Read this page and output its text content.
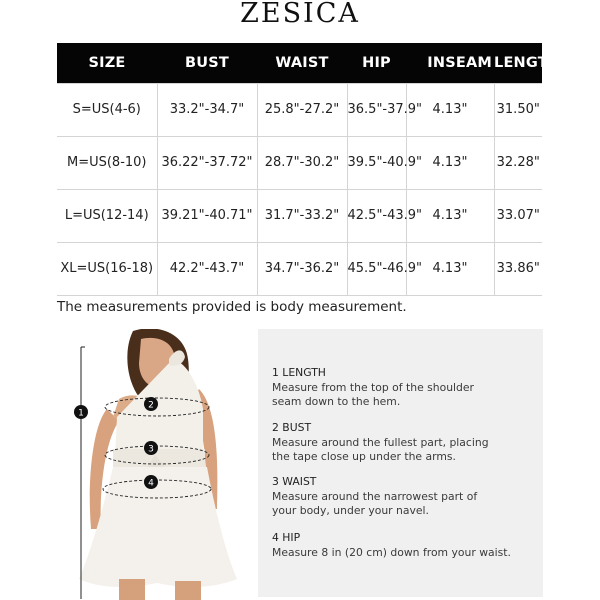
ZESICA
SIZE	BUST	WAIST	HIP	INSEAM	LENGTH
S=US(4-6)	33.2"-34.7"	25.8"-27.2"	36.5"-37.9"	4.13"	31.50"
M=US(8-10)	36.22"-37.72"	28.7"-30.2"	39.5"-40.9"	4.13"	32.28"
L=US(12-14)	39.21"-40.71"	31.7"-33.2"	42.5"-43.9"	4.13"	33.07"
XL=US(16-18)	42.2"-43.7"	34.7"-36.2"	45.5"-46.9"	4.13"	33.86"
The measurements provided is body measurement.
1
2
3
4
1 LENGTH
Measure from the top of the shoulder
seam down to the hem.
2 BUST
Measure around the fullest part, placing
the tape close up under the arms.
3 WAIST
Measure around the narrowest part of
your body, under your navel.
4 HIP
Measure 8 in (20 cm) down from your waist.
